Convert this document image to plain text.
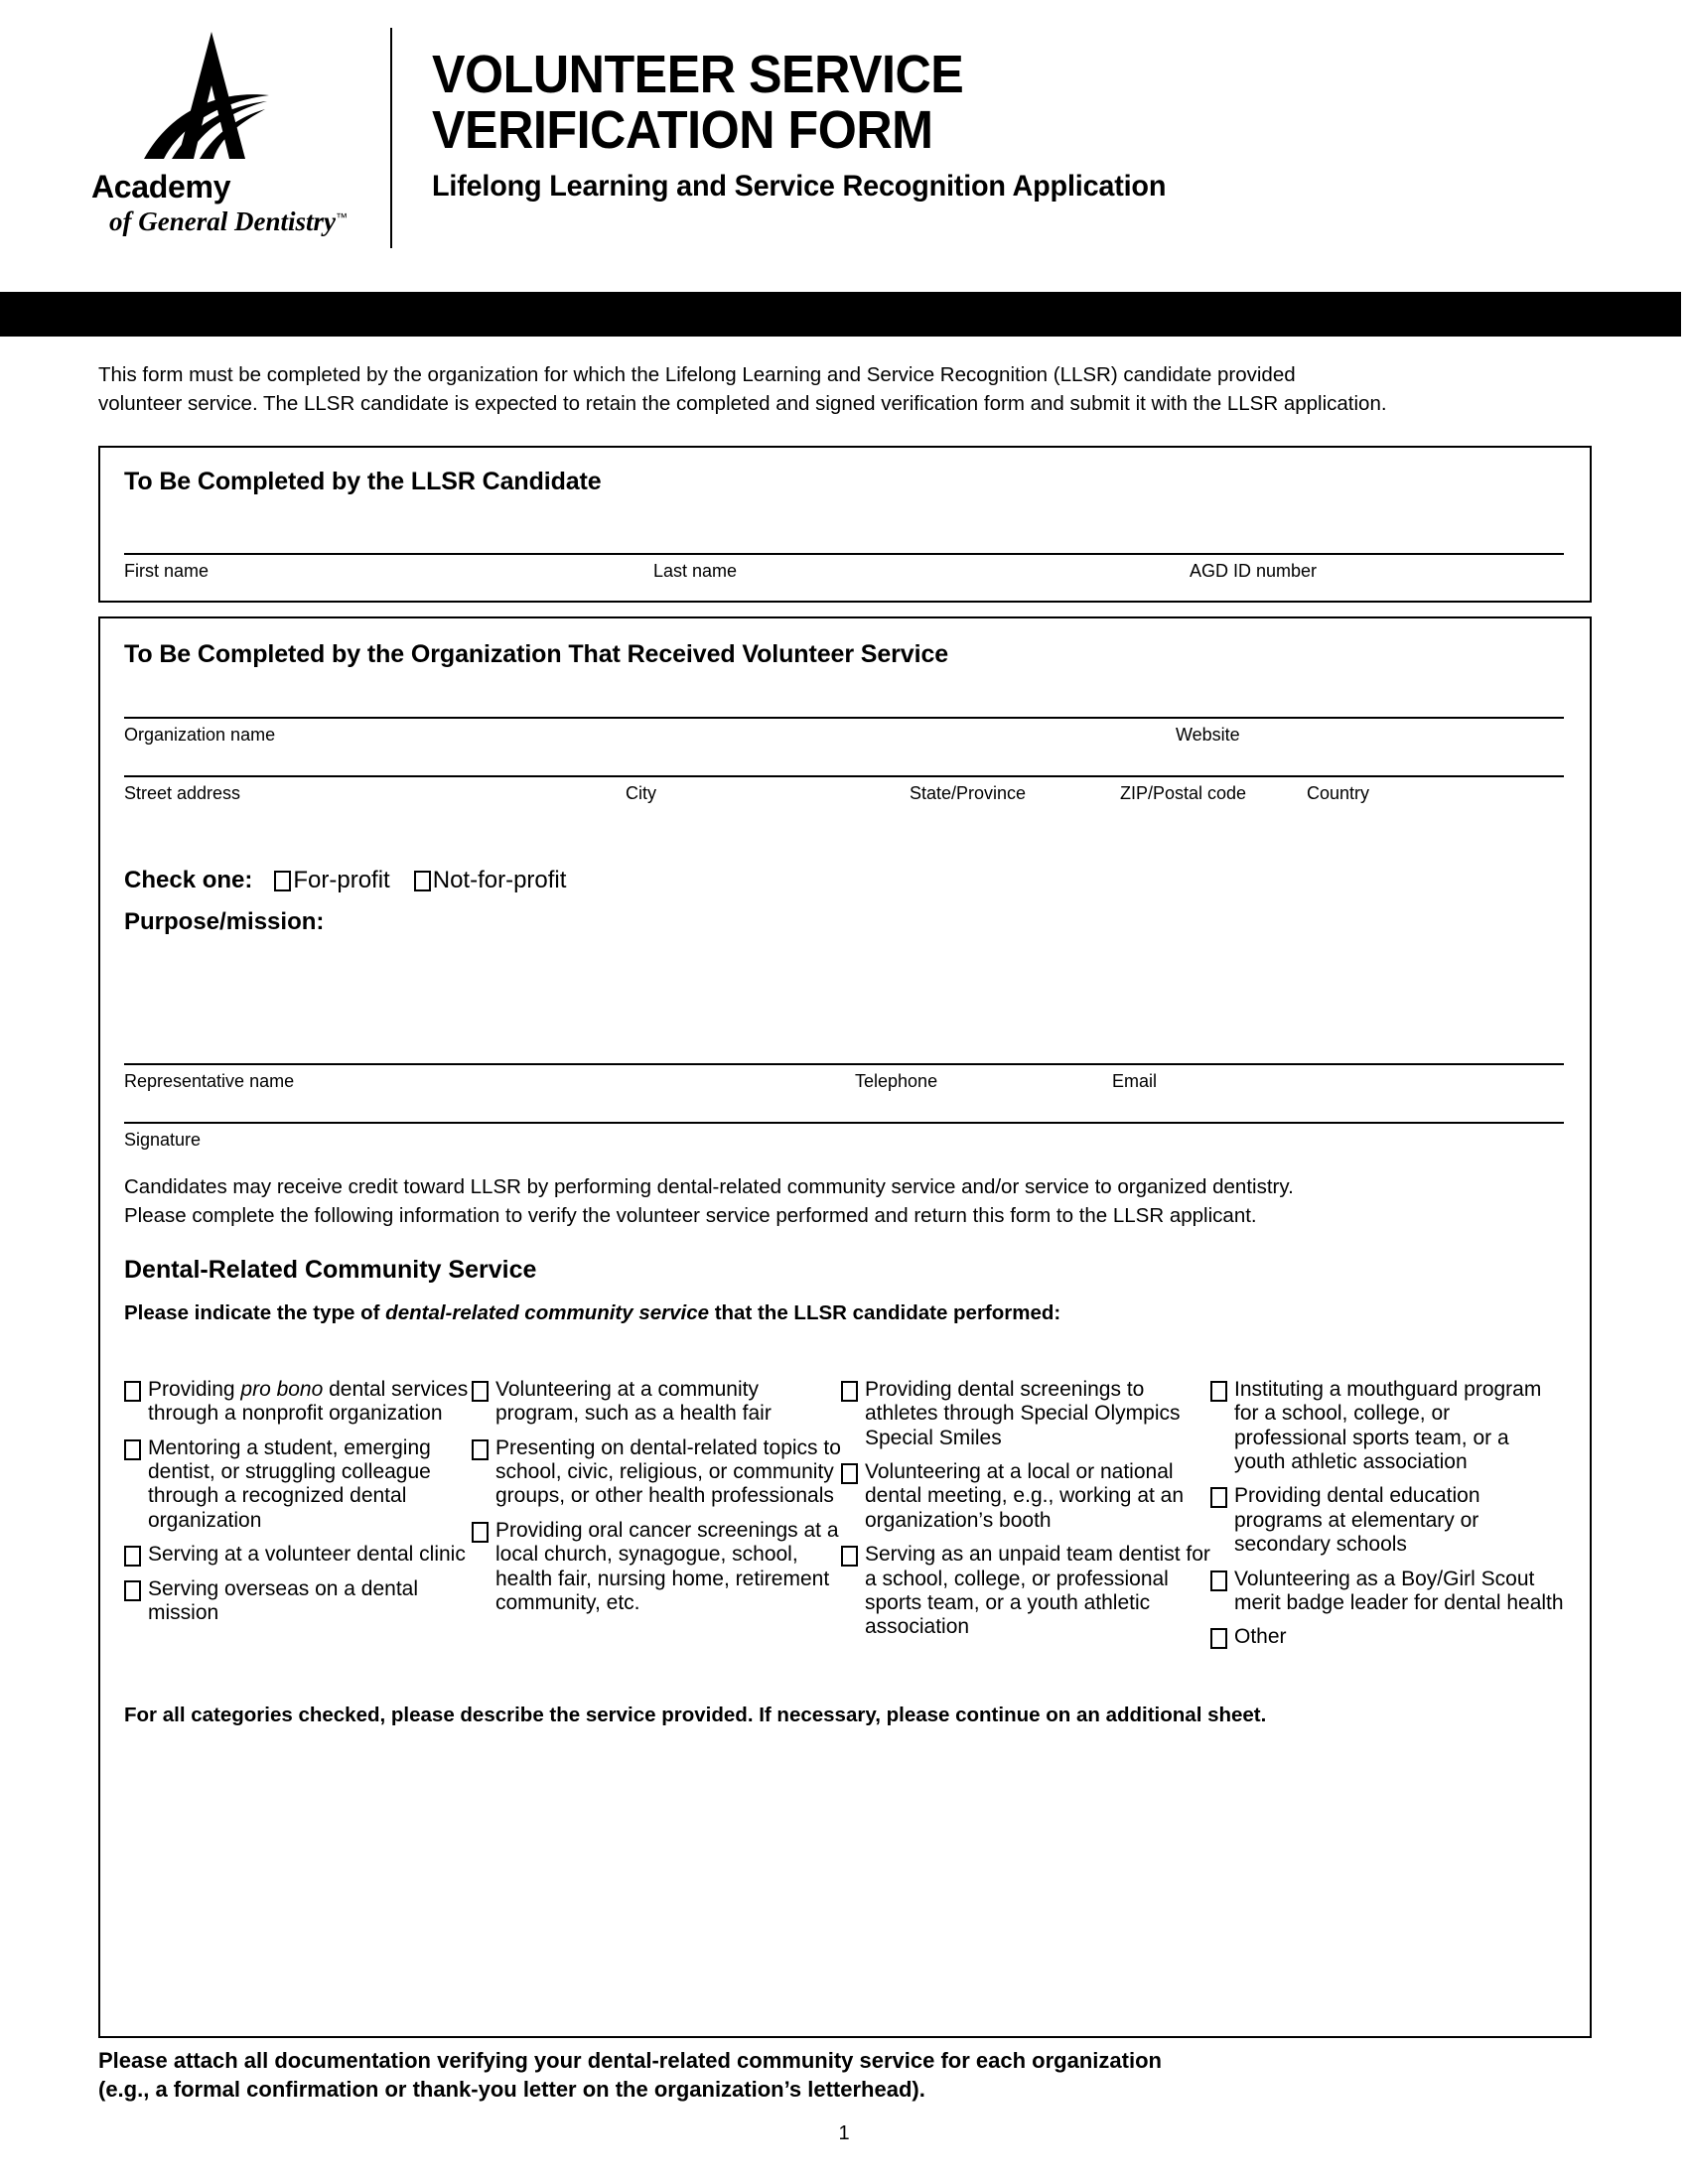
Academy
of General Dentistry™
VOLUNTEER SERVICE
VERIFICATION FORM
Lifelong Learning and Service Recognition Application
This form must be completed by the organization for which the Lifelong Learning and Service Recognition (LLSR) candidate provided
volunteer service. The LLSR candidate is expected to retain the completed and signed verification form and submit it with the LLSR application.
To Be Completed by the LLSR Candidate
First name	Last name	AGD ID number
To Be Completed by the Organization That Received Volunteer Service
Organization name	Website
Street address	City	State/Province	ZIP/Postal code	Country
Check one: For-profit Not-for-profit
Purpose/mission:
Representative name	Telephone	Email
Signature
Candidates may receive credit toward LLSR by performing dental-related community service and/or service to organized dentistry.
Please complete the following information to verify the volunteer service performed and return this form to the LLSR applicant.
Dental-Related Community Service
Please indicate the type of dental-related community service that the LLSR candidate performed:
Providing pro bono dental services through a nonprofit organization
Mentoring a student, emerging dentist, or struggling colleague through a recognized dental organization
Serving at a volunteer dental clinic
Serving overseas on a dental mission
Volunteering at a community program, such as a health fair
Presenting on dental-related topics to school, civic, religious, or community groups, or other health professionals
Providing oral cancer screenings at a local church, synagogue, school, health fair, nursing home, retirement community, etc.
Providing dental screenings to athletes through Special Olympics Special Smiles
Volunteering at a local or national dental meeting, e.g., working at an organization’s booth
Serving as an unpaid team dentist for a school, college, or professional sports team, or a youth athletic association
Instituting a mouthguard program for a school, college, or professional sports team, or a youth athletic association
Providing dental education programs at elementary or secondary schools
Volunteering as a Boy/Girl Scout merit badge leader for dental health
Other
For all categories checked, please describe the service provided. If necessary, please continue on an additional sheet.
Please attach all documentation verifying your dental-related community service for each organization
(e.g., a formal confirmation or thank-you letter on the organization’s letterhead).
1
